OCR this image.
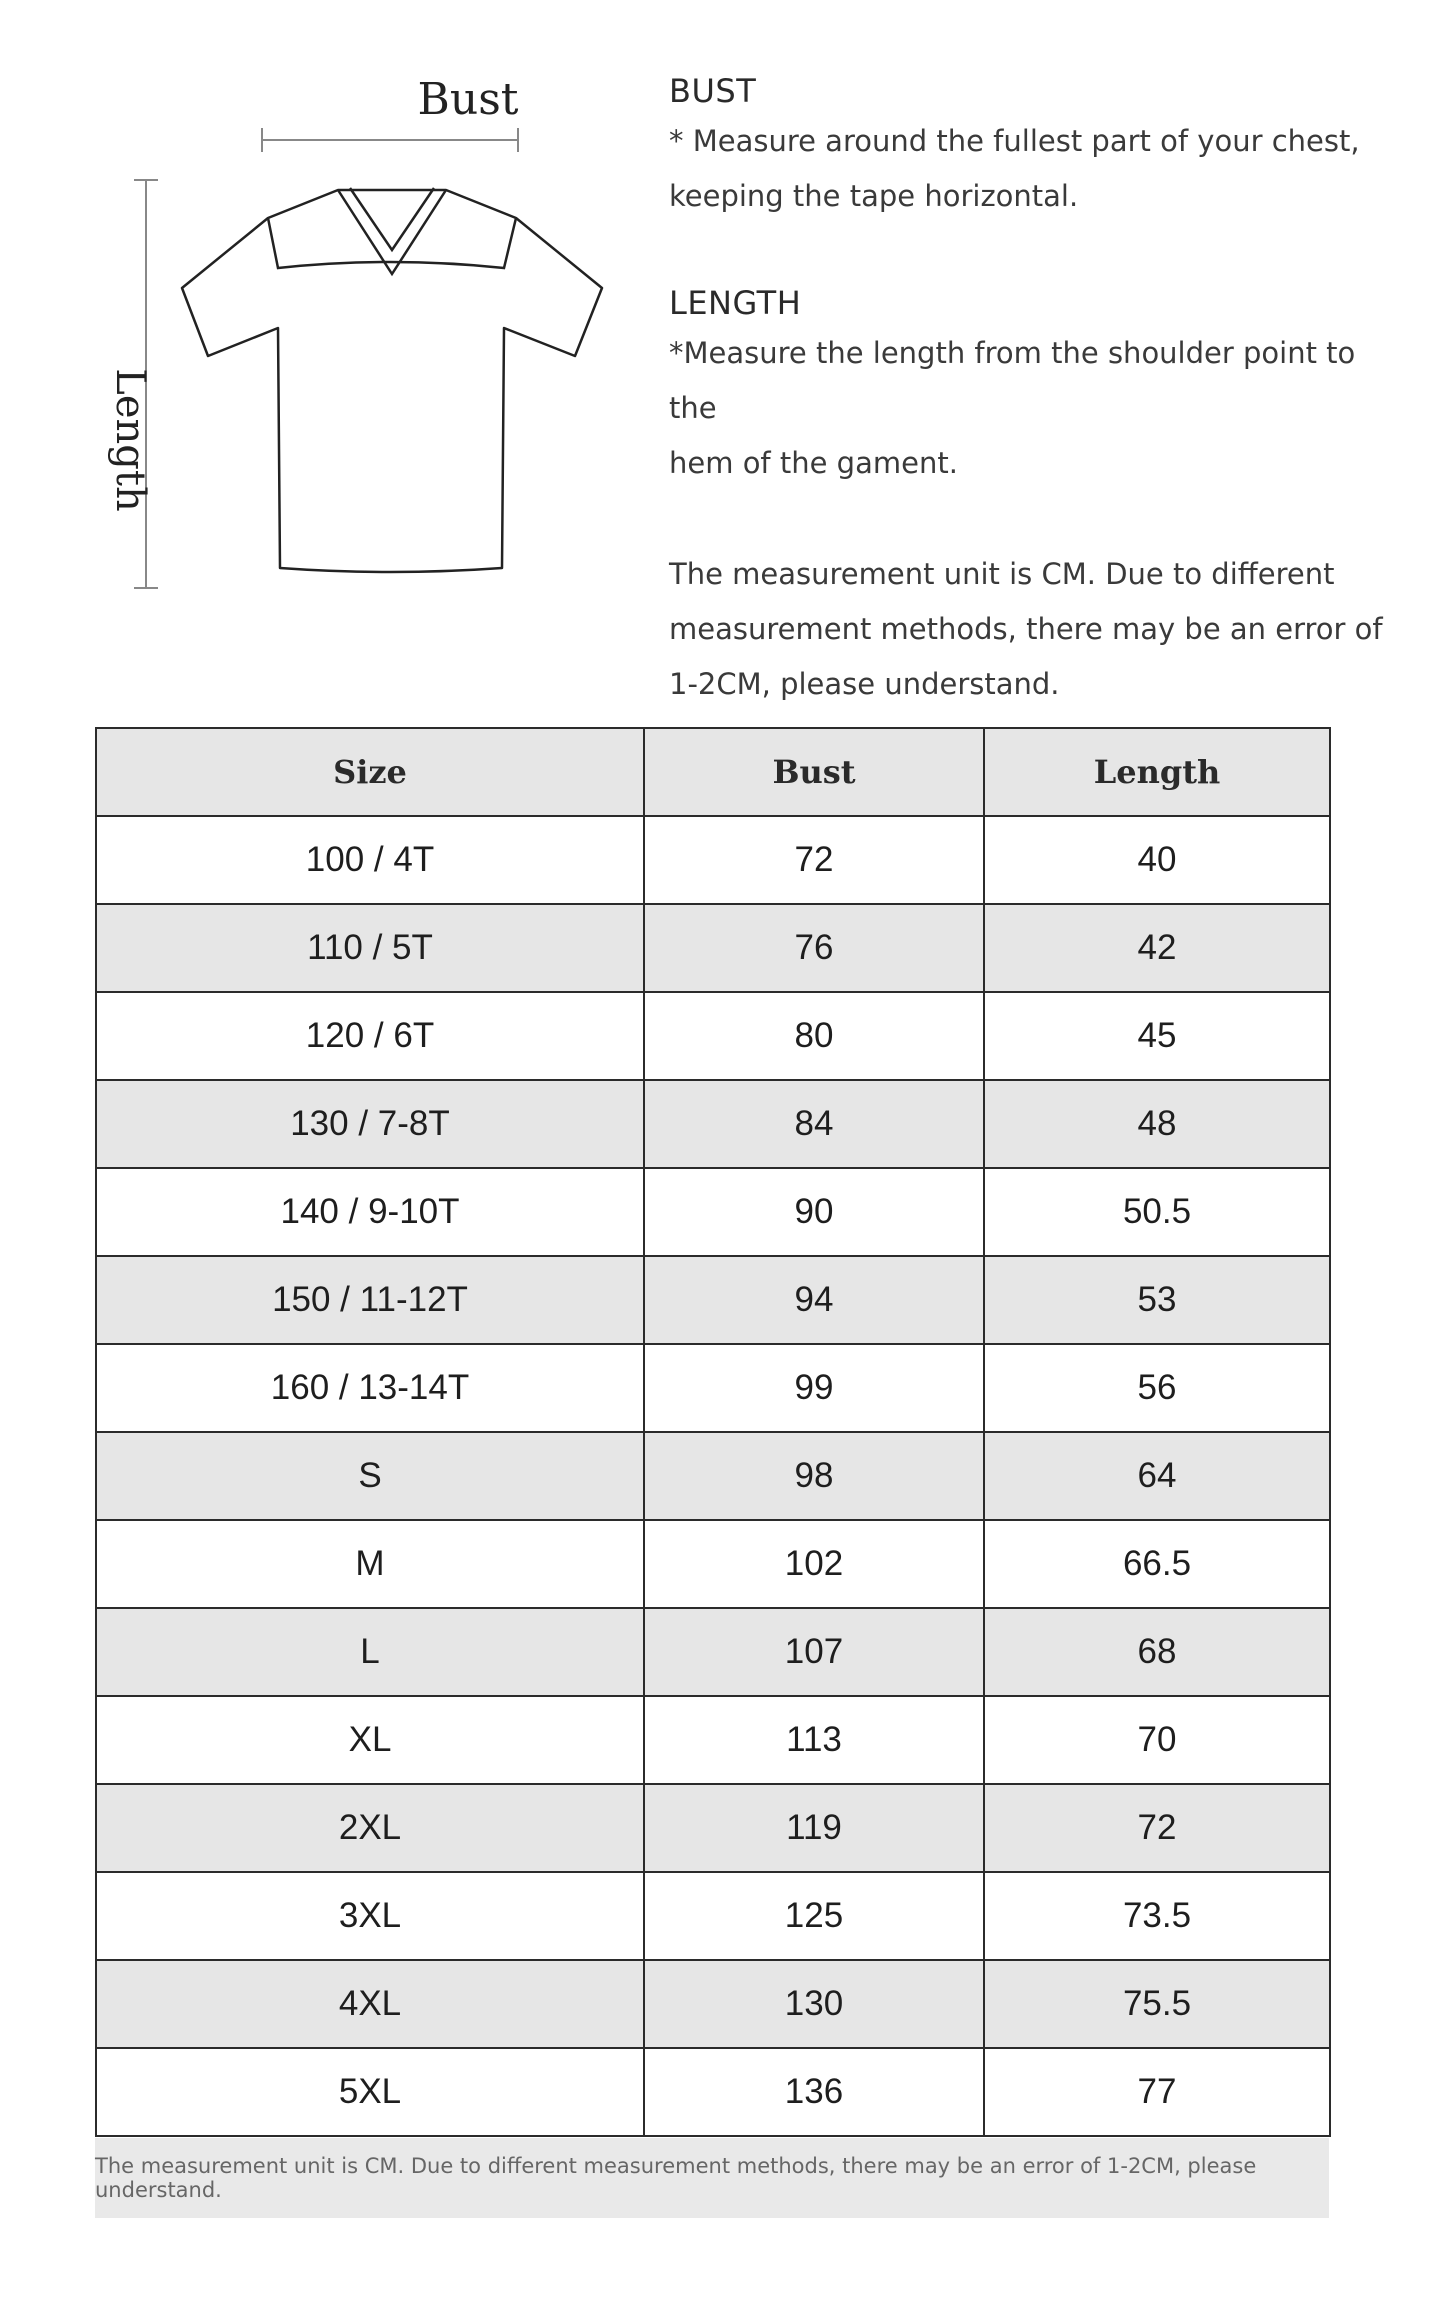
Bust
Length

BUST

* Measure around the fullest part of your chest,

keeping the tape horizontal.

LENGTH

*Measure the length from the shoulder point to the

hem of the gament.

The measurement unit is CM. Due to different

measurement methods, there may be an error of

1-2CM, please understand.

Size	Bust	Length
100 / 4T	72	40
110 / 5T	76	42
120 / 6T	80	45
130 / 7-8T	84	48
140 / 9-10T	90	50.5
150 / 11-12T	94	53
160 / 13-14T	99	56
S	98	64
M	102	66.5
L	107	68
XL	113	70
2XL	119	72
3XL	125	73.5
4XL	130	75.5
5XL	136	77
The measurement unit is CM. Due to different measurement methods, there may be an error of 1-2CM, please understand.
